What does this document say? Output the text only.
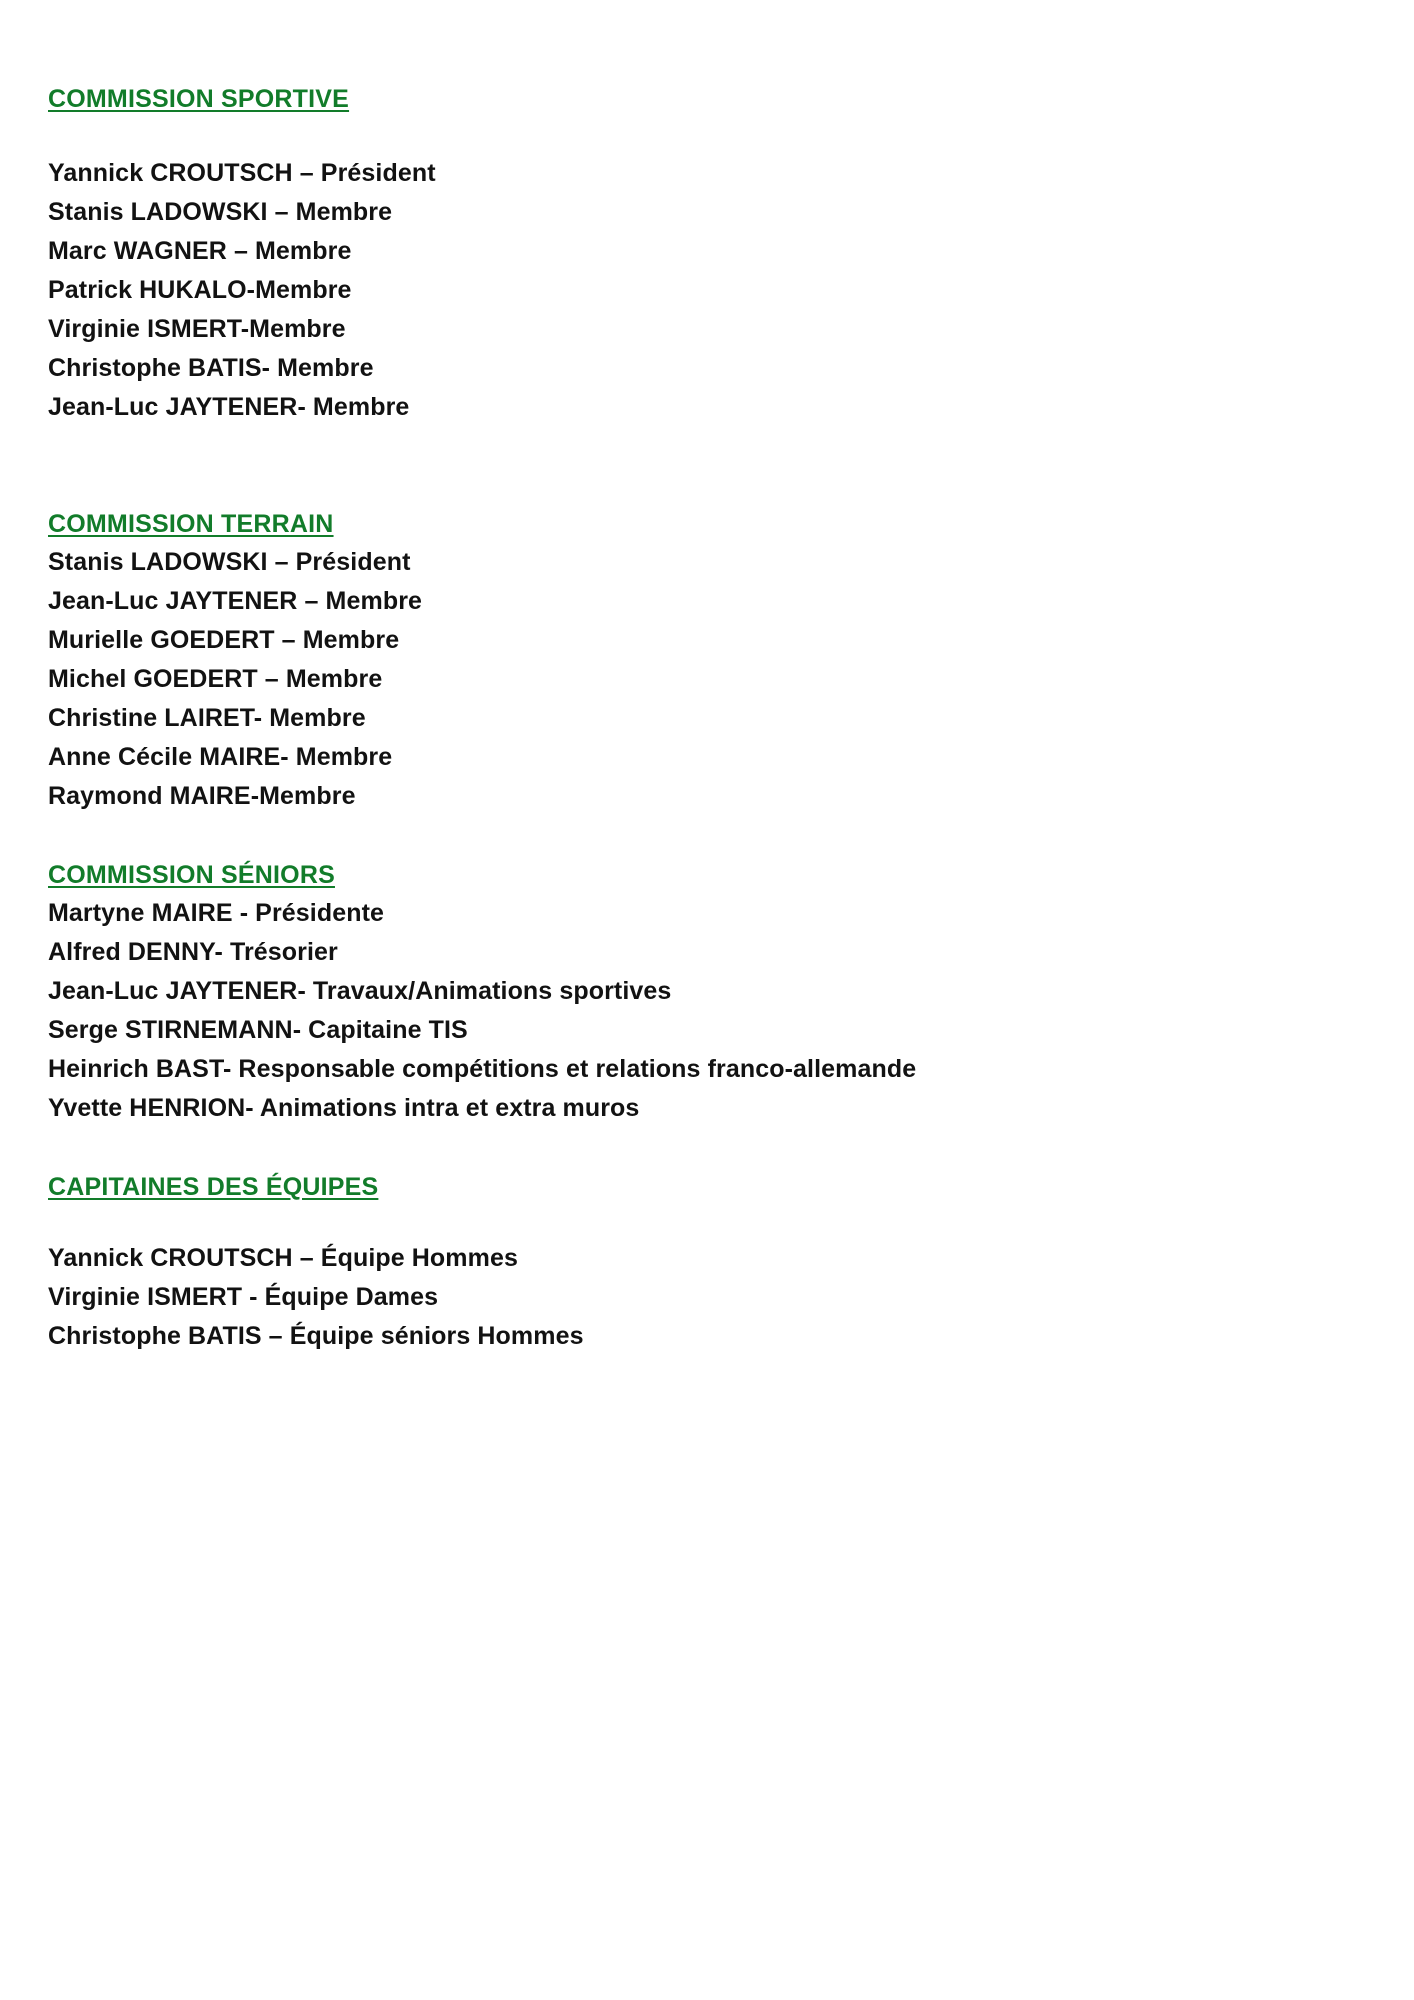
COMMISSION SPORTIVE
Yannick CROUTSCH – Président
Stanis LADOWSKI – Membre
Marc WAGNER – Membre
Patrick HUKALO-Membre
Virginie ISMERT-Membre
Christophe BATIS- Membre
Jean-Luc JAYTENER- Membre
COMMISSION TERRAIN
Stanis LADOWSKI – Président
Jean-Luc JAYTENER – Membre
Murielle GOEDERT – Membre
Michel GOEDERT – Membre
Christine LAIRET- Membre
Anne Cécile MAIRE- Membre
Raymond MAIRE-Membre
COMMISSION SÉNIORS
Martyne MAIRE - Présidente
Alfred DENNY- Trésorier
Jean-Luc JAYTENER- Travaux/Animations sportives
Serge STIRNEMANN- Capitaine TIS
Heinrich BAST- Responsable compétitions et relations franco-allemande
Yvette HENRION- Animations intra et extra muros
CAPITAINES DES ÉQUIPES
Yannick CROUTSCH – Équipe Hommes
Virginie ISMERT - Équipe Dames
Christophe BATIS – Équipe séniors Hommes
